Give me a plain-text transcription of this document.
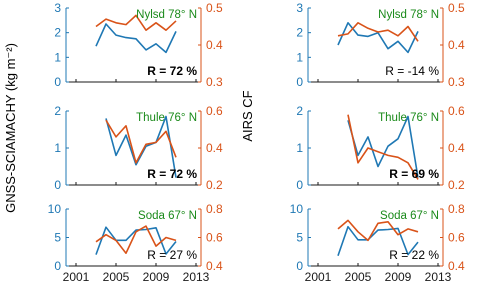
GNSS-SCIAMACHY (kg m⁻²)	AIRS CF
0
1
2
3
0.3
0.4
0.5
Nylsd 78° N
R = 72 %
0
1
2
3
0.3
0.4
0.5
Nylsd 78° N
R = -14 %
0
1
2
0.2
0.4
0.6
Thule 76° N
R = 72 %
0
1
2
0.2
0.4
0.6
Thule 76° N
R = 69 %
0
5
10
0.4
0.6
0.8
2001 2005 2009 2013
Soda 67° N
R = 27 %
0
5
10
0.4
0.6
0.8
2001 2005 2009 2013
Soda 67° N
R = 22 %
